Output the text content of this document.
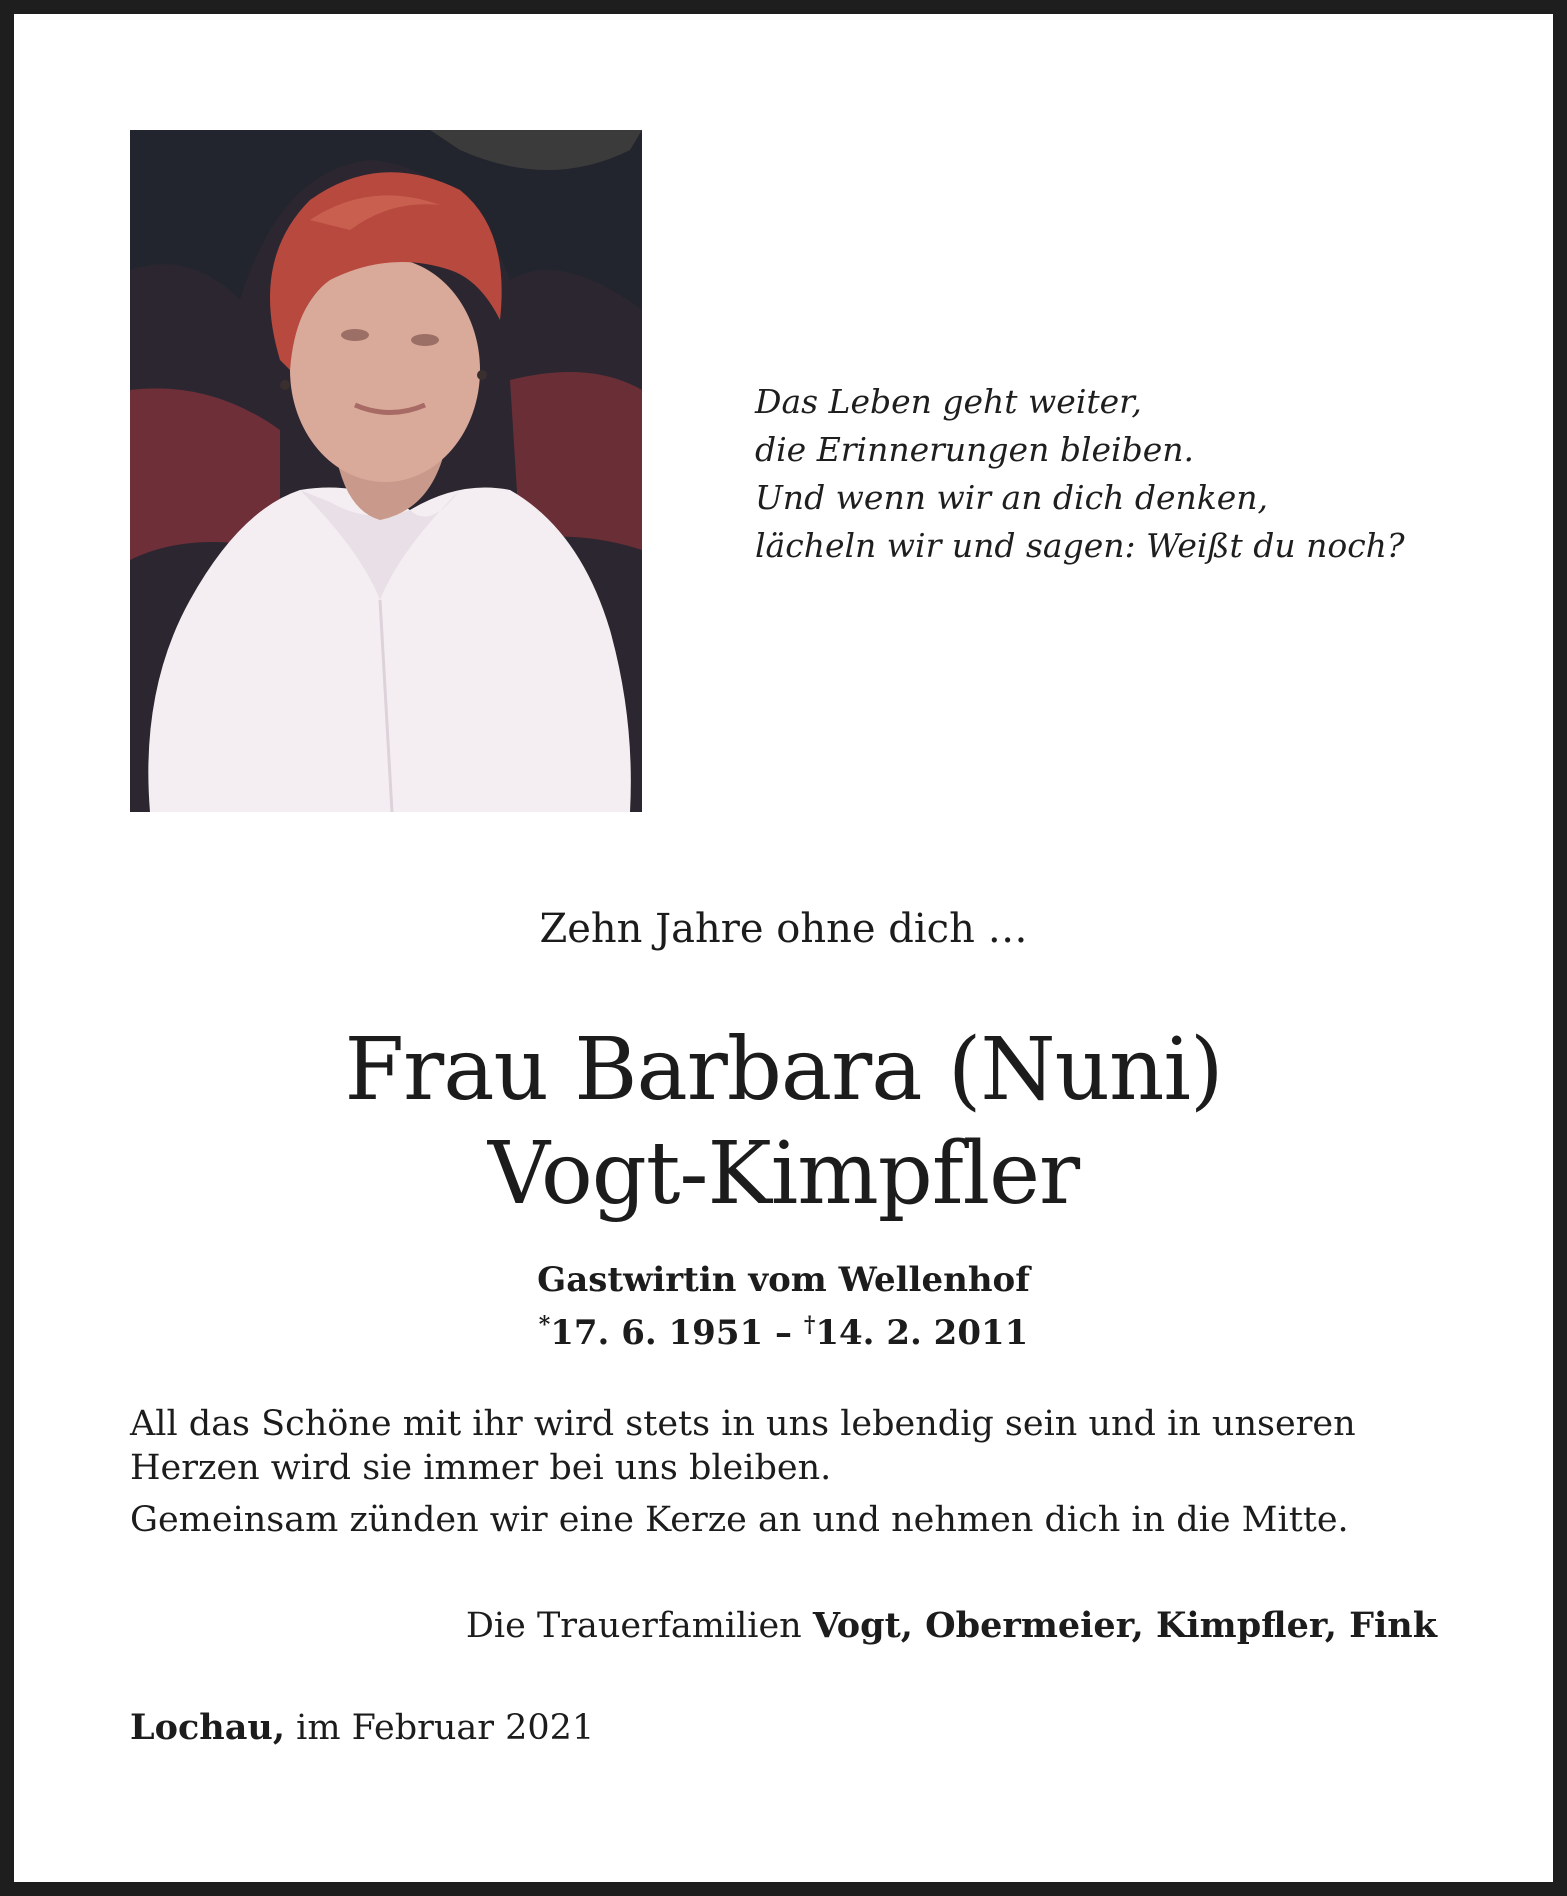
Das Leben geht weiter,
die Erinnerungen bleiben.
Und wenn wir an dich denken,
lächeln wir und sagen: Weißt du noch?
Zehn Jahre ohne dich …
Frau Barbara (Nuni)
Vogt-Kimpfler
Gastwirtin vom Wellenhof
*17. 6. 1951 – †14. 2. 2011

All das Schöne mit ihr wird stets in uns lebendig sein und in unseren Herzen wird sie immer bei uns bleiben.

Gemeinsam zünden wir eine Kerze an und nehmen dich in die Mitte.

Die Trauerfamilien Vogt, Obermeier, Kimpfler, Fink
Lochau, im Februar 2021
